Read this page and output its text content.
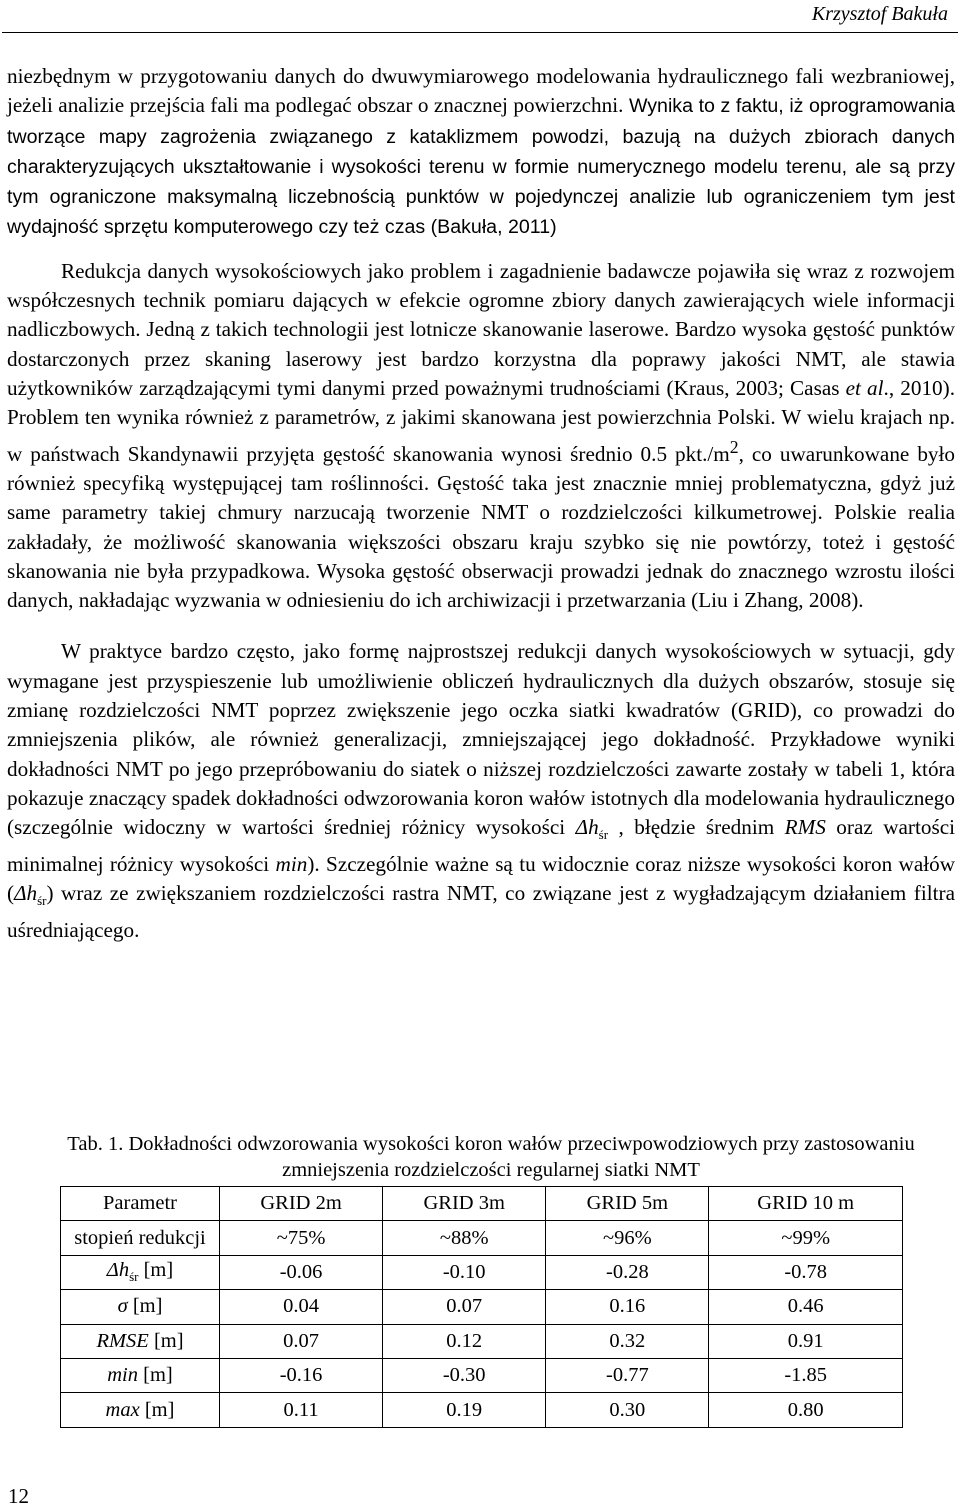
Krzysztof Bakuła

niezbędnym w przygotowaniu danych do dwuwymiarowego modelowania hydraulicznego fali wezbraniowej, jeżeli analizie przejścia fali ma podlegać obszar o znacznej powierzchni. Wynika to z faktu, iż oprogramowania tworzące mapy zagrożenia związanego z kataklizmem powodzi, bazują na dużych zbiorach danych charakteryzujących ukształtowanie i wysokości terenu w formie numerycznego modelu terenu, ale są przy tym ograniczone maksymalną liczebnością punktów w pojedynczej analizie lub ograniczeniem tym jest wydajność sprzętu komputerowego czy też czas (Bakuła, 2011)

Redukcja danych wysokościowych jako problem i zagadnienie badawcze pojawiła się wraz z rozwojem współczesnych technik pomiaru dających w efekcie ogromne zbiory danych zawierających wiele informacji nadliczbowych. Jedną z takich technologii jest lotnicze skanowanie laserowe. Bardzo wysoka gęstość punktów dostarczonych przez skaning laserowy jest bardzo korzystna dla poprawy jakości NMT, ale stawia użytkowników zarządzającymi tymi danymi przed poważnymi trudnościami (Kraus, 2003; Casas et al., 2010). Problem ten wynika również z parametrów, z jakimi skanowana jest powierzchnia Polski. W wielu krajach np. w państwach Skandynawii przyjęta gęstość skanowania wynosi średnio 0.5 $pkt./m^2$, co uwarunkowane było również specyfiką występującej tam roślinności. Gęstość taka jest znacznie mniej problematyczna, gdyż już same parametry takiej chmury narzucają tworzenie NMT o rozdzielczości kilkumetrowej. Polskie realia zakładały, że możliwość skanowania większości obszaru kraju szybko się nie powtórzy, toteż i gęstość skanowania nie była przypadkowa. Wysoka gęstość obserwacji prowadzi jednak do znacznego wzrostu ilości danych, nakładając wyzwania w odniesieniu do ich archiwizacji i przetwarzania (Liu i Zhang, 2008).

W praktyce bardzo często, jako formę najprostszej redukcji danych wysokościowych w sytuacji, gdy wymagane jest przyspieszenie lub umożliwienie obliczeń hydraulicznych dla dużych obszarów, stosuje się zmianę rozdzielczości NMT poprzez zwiększenie jego oczka siatki kwadratów (GRID), co prowadzi do zmniejszenia plików, ale również generalizacji, zmniejszającej jego dokładność. Przykładowe wyniki dokładności NMT po jego przepróbowaniu do siatek o niższej rozdzielczości zawarte zostały w tabeli 1, która pokazuje znaczący spadek dokładności odwzorowania koron wałów istotnych dla modelowania hydraulicznego (szczególnie widoczny w wartości średniej różnicy wysokości $\Delta h_{śr}$ , błędzie średnim RMS oraz wartości minimalnej różnicy wysokości min). Szczególnie ważne są tu widocznie coraz niższe wysokości koron wałów $(\Delta h_{śr})$ wraz ze zwiększaniem rozdzielczości rastra NMT, co związane jest z wygładzającym działaniem filtra uśredniającego.

Tab. 1. Dokładności odwzorowania wysokości koron wałów przeciwpowodziowych przy zastosowaniu zmniejszenia rozdzielczości regularnej siatki NMT
Parametr	GRID 2m	GRID 3m	GRID 5m	GRID 10 m
stopień redukcji	~75%	~88%	~96%	~99%
$\Delta h_{śr}$ [m]	-0.06	-0.10	-0.28	-0.78
σ [m]	0.04	0.07	0.16	0.46
RMSE [m]	0.07	0.12	0.32	0.91
min [m]	-0.16	-0.30	-0.77	-1.85
max [m]	0.11	0.19	0.30	0.80
12
